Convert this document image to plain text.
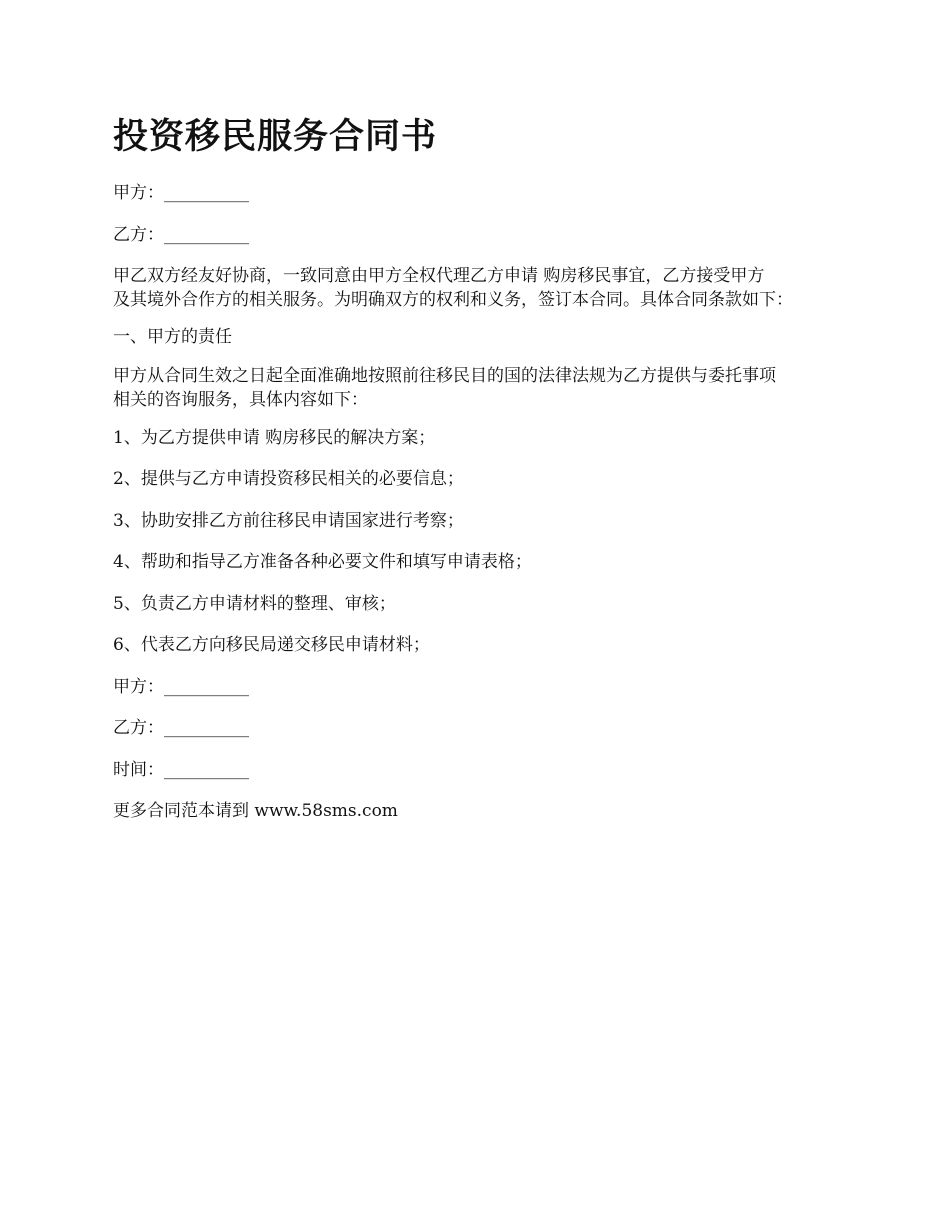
投资移民服务合同书

甲方：__________

乙方：__________

甲乙双方经友好协商，一致同意由甲方全权代理乙方申请 购房移民事宜，乙方接受甲方
及其境外合作方的相关服务。为明确双方的权利和义务，签订本合同。具体合同条款如下：

一、甲方的责任

甲方从合同生效之日起全面准确地按照前往移民目的国的法律法规为乙方提供与委托事项
相关的咨询服务，具体内容如下：

1、为乙方提供申请 购房移民的解决方案；

2、提供与乙方申请投资移民相关的必要信息；

3、协助安排乙方前往移民申请国家进行考察；

4、帮助和指导乙方准备各种必要文件和填写申请表格；

5、负责乙方申请材料的整理、审核；

6、代表乙方向移民局递交移民申请材料；

甲方：__________

乙方：__________

时间：__________

更多合同范本请到 www.58sms.com
